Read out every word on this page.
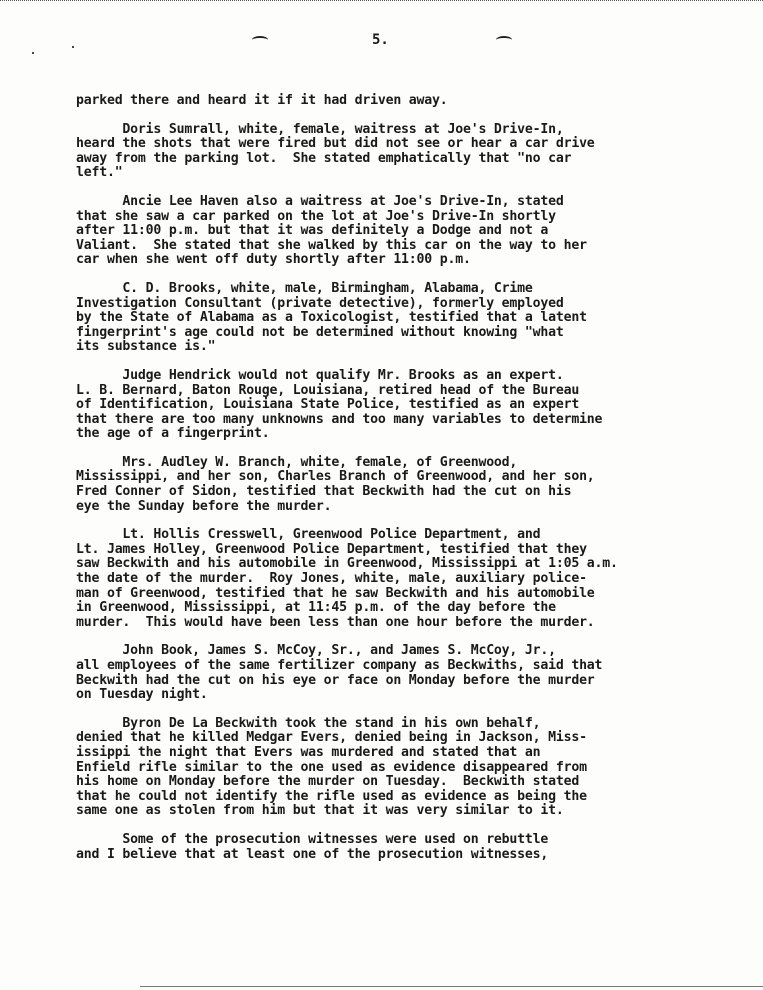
5.

parked there and heard it if it had driven away.

Doris Sumrall, white, female, waitress at Joe's Drive-In,
heard the shots that were fired but did not see or hear a car drive
away from the parking lot.  She stated emphatically that "no car
left."

Ancie Lee Haven also a waitress at Joe's Drive-In, stated
that she saw a car parked on the lot at Joe's Drive-In shortly
after 11:00 p.m. but that it was definitely a Dodge and not a
Valiant.  She stated that she walked by this car on the way to her
car when she went off duty shortly after 11:00 p.m.

C. D. Brooks, white, male, Birmingham, Alabama, Crime
Investigation Consultant (private detective), formerly employed
by the State of Alabama as a Toxicologist, testified that a latent
fingerprint's age could not be determined without knowing "what
its substance is."

Judge Hendrick would not qualify Mr. Brooks as an expert.
L. B. Bernard, Baton Rouge, Louisiana, retired head of the Bureau
of Identification, Louisiana State Police, testified as an expert
that there are too many unknowns and too many variables to determine
the age of a fingerprint.

Mrs. Audley W. Branch, white, female, of Greenwood,
Mississippi, and her son, Charles Branch of Greenwood, and her son,
Fred Conner of Sidon, testified that Beckwith had the cut on his
eye the Sunday before the murder.

Lt. Hollis Cresswell, Greenwood Police Department, and
Lt. James Holley, Greenwood Police Department, testified that they
saw Beckwith and his automobile in Greenwood, Mississippi at 1:05 a.m.
the date of the murder.  Roy Jones, white, male, auxiliary police-
man of Greenwood, testified that he saw Beckwith and his automobile
in Greenwood, Mississippi, at 11:45 p.m. of the day before the
murder.  This would have been less than one hour before the murder.

John Book, James S. McCoy, Sr., and James S. McCoy, Jr.,
all employees of the same fertilizer company as Beckwiths, said that
Beckwith had the cut on his eye or face on Monday before the murder
on Tuesday night.

Byron De La Beckwith took the stand in his own behalf,
denied that he killed Medgar Evers, denied being in Jackson, Miss-
issippi the night that Evers was murdered and stated that an
Enfield rifle similar to the one used as evidence disappeared from
his home on Monday before the murder on Tuesday.  Beckwith stated
that he could not identify the rifle used as evidence as being the
same one as stolen from him but that it was very similar to it.

Some of the prosecution witnesses were used on rebuttle
and I believe that at least one of the prosecution witnesses,
